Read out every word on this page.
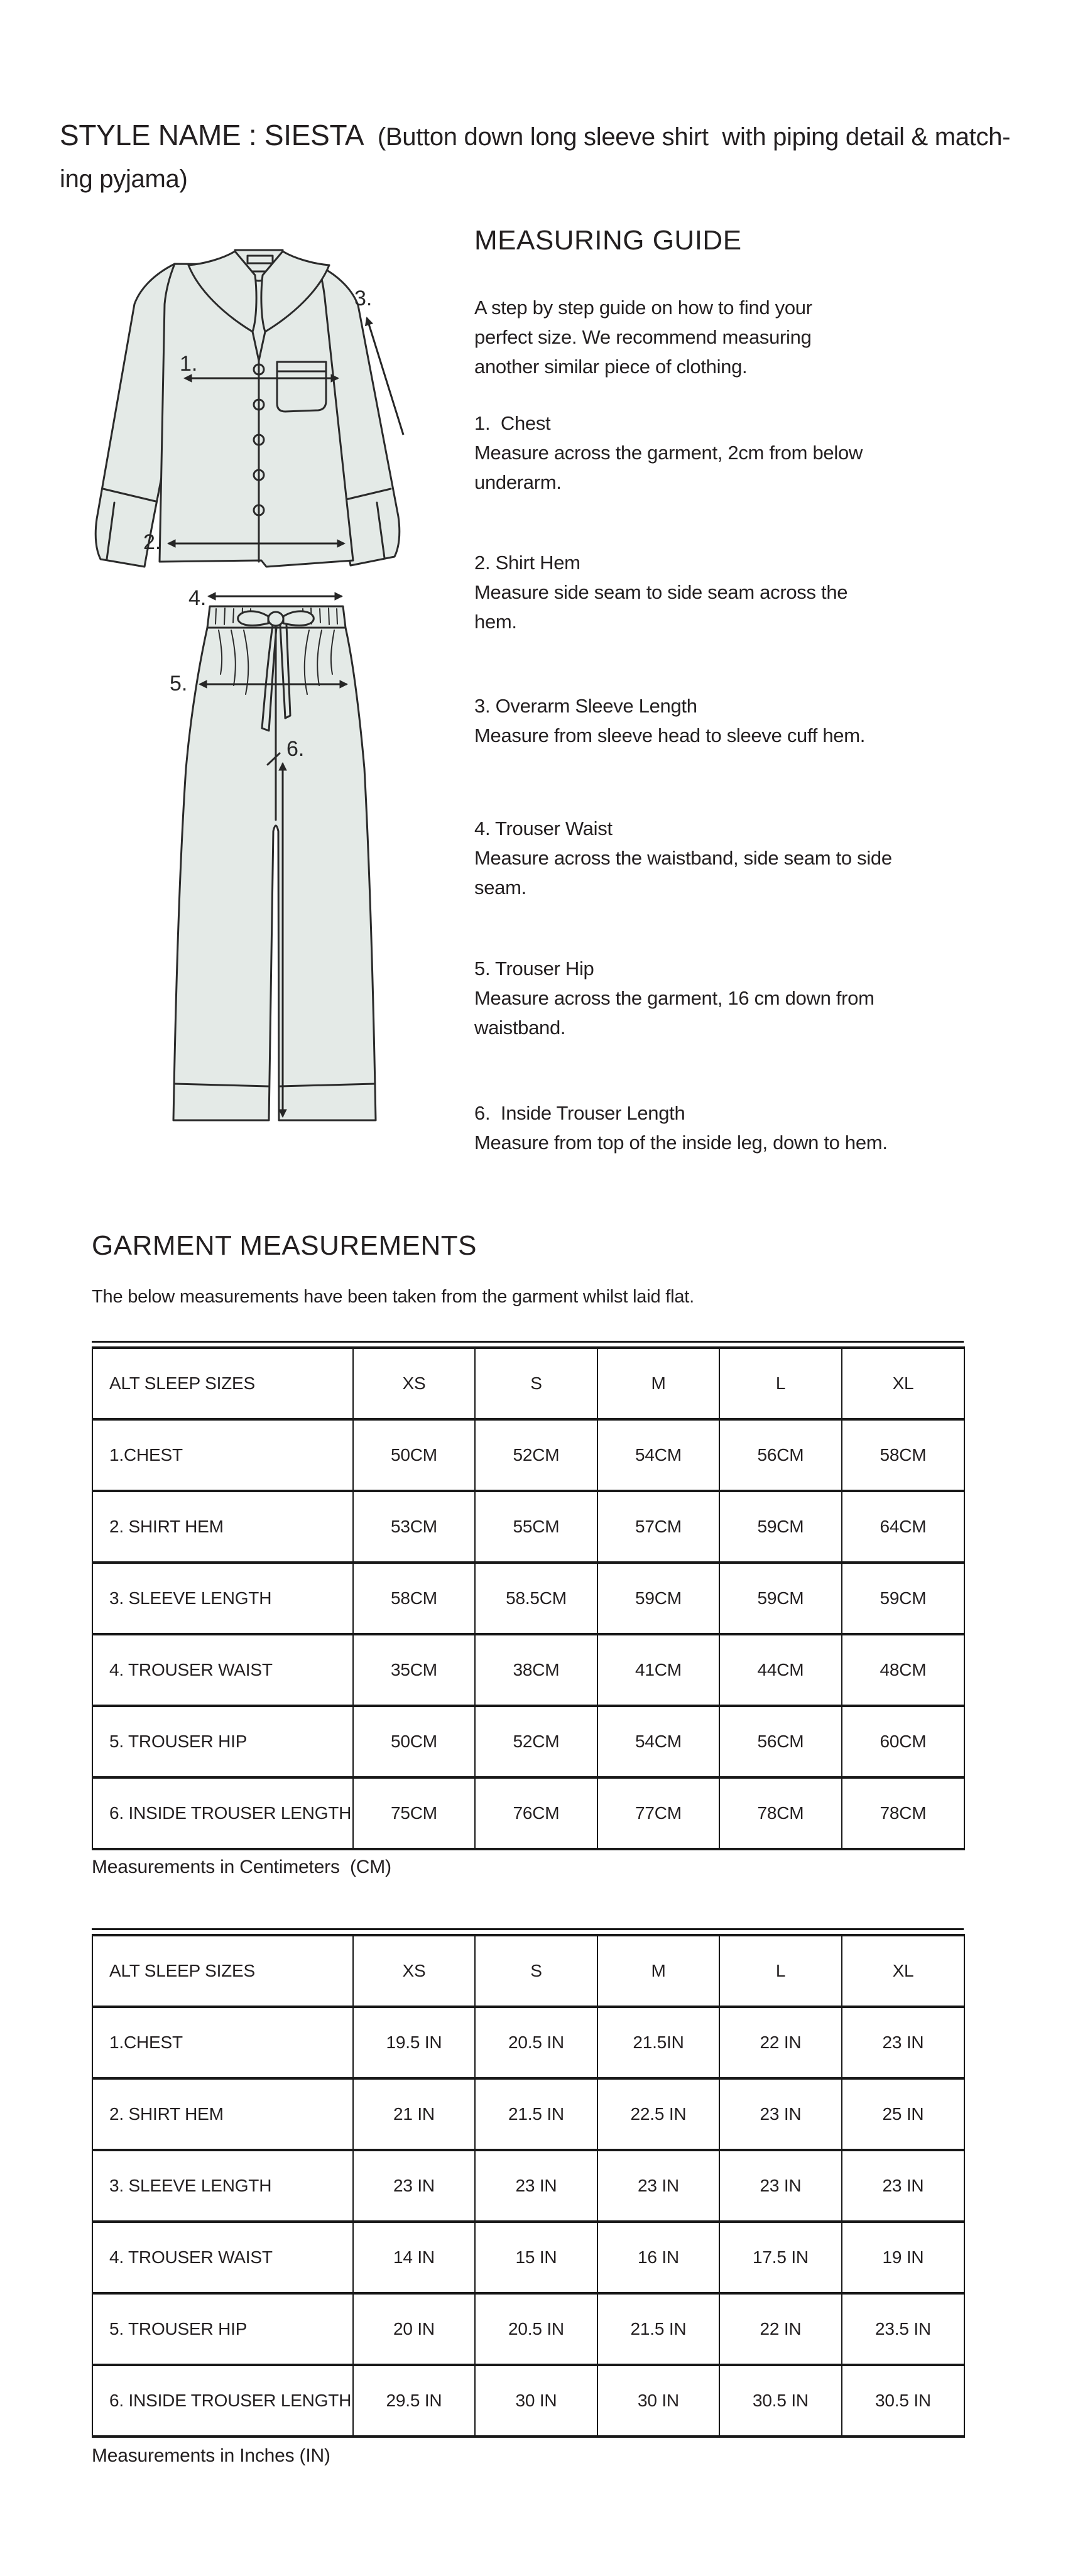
STYLE NAME : SIESTA  (Button down long sleeve shirt  with piping detail & match-
ing pyjama)
1.
2.
3.
MEASURING GUIDE
A step by step guide on how to find your perfect size. We recommend measuring another similar piece of clothing.

1.  Chest

Measure across the garment, 2cm from below underarm.

2. Shirt Hem

Measure side seam to side seam across the hem.

3. Overarm Sleeve Length

Measure from sleeve head to sleeve cuff hem.

4. Trouser Waist

Measure across the waistband, side seam to side seam.

5. Trouser Hip

Measure across the garment, 16 cm down from waistband.

6.  Inside Trouser Length

Measure from top of the inside leg, down to hem.

4.
5.
6.
GARMENT MEASUREMENTS
The below measurements have been taken from the garment whilst laid flat.
ALT SLEEP SIZES	XS	S	M	L	XL
1.CHEST	50CM	52CM	54CM	56CM	58CM
2. SHIRT HEM	53CM	55CM	57CM	59CM	64CM
3. SLEEVE LENGTH	58CM	58.5CM	59CM	59CM	59CM
4. TROUSER WAIST	35CM	38CM	41CM	44CM	48CM
5. TROUSER HIP	50CM	52CM	54CM	56CM	60CM
6. INSIDE TROUSER LENGTH	75CM	76CM	77CM	78CM	78CM
Measurements in Centimeters  (CM)
ALT SLEEP SIZES	XS	S	M	L	XL
1.CHEST	19.5 IN	20.5 IN	21.5IN	22 IN	23 IN
2. SHIRT HEM	21 IN	21.5 IN	22.5 IN	23 IN	25 IN
3. SLEEVE LENGTH	23 IN	23 IN	23 IN	23 IN	23 IN
4. TROUSER WAIST	14 IN	15 IN	16 IN	17.5 IN	19 IN
5. TROUSER HIP	20 IN	20.5 IN	21.5 IN	22 IN	23.5 IN
6. INSIDE TROUSER LENGTH	29.5 IN	30 IN	30 IN	30.5 IN	30.5 IN
Measurements in Inches (IN)
